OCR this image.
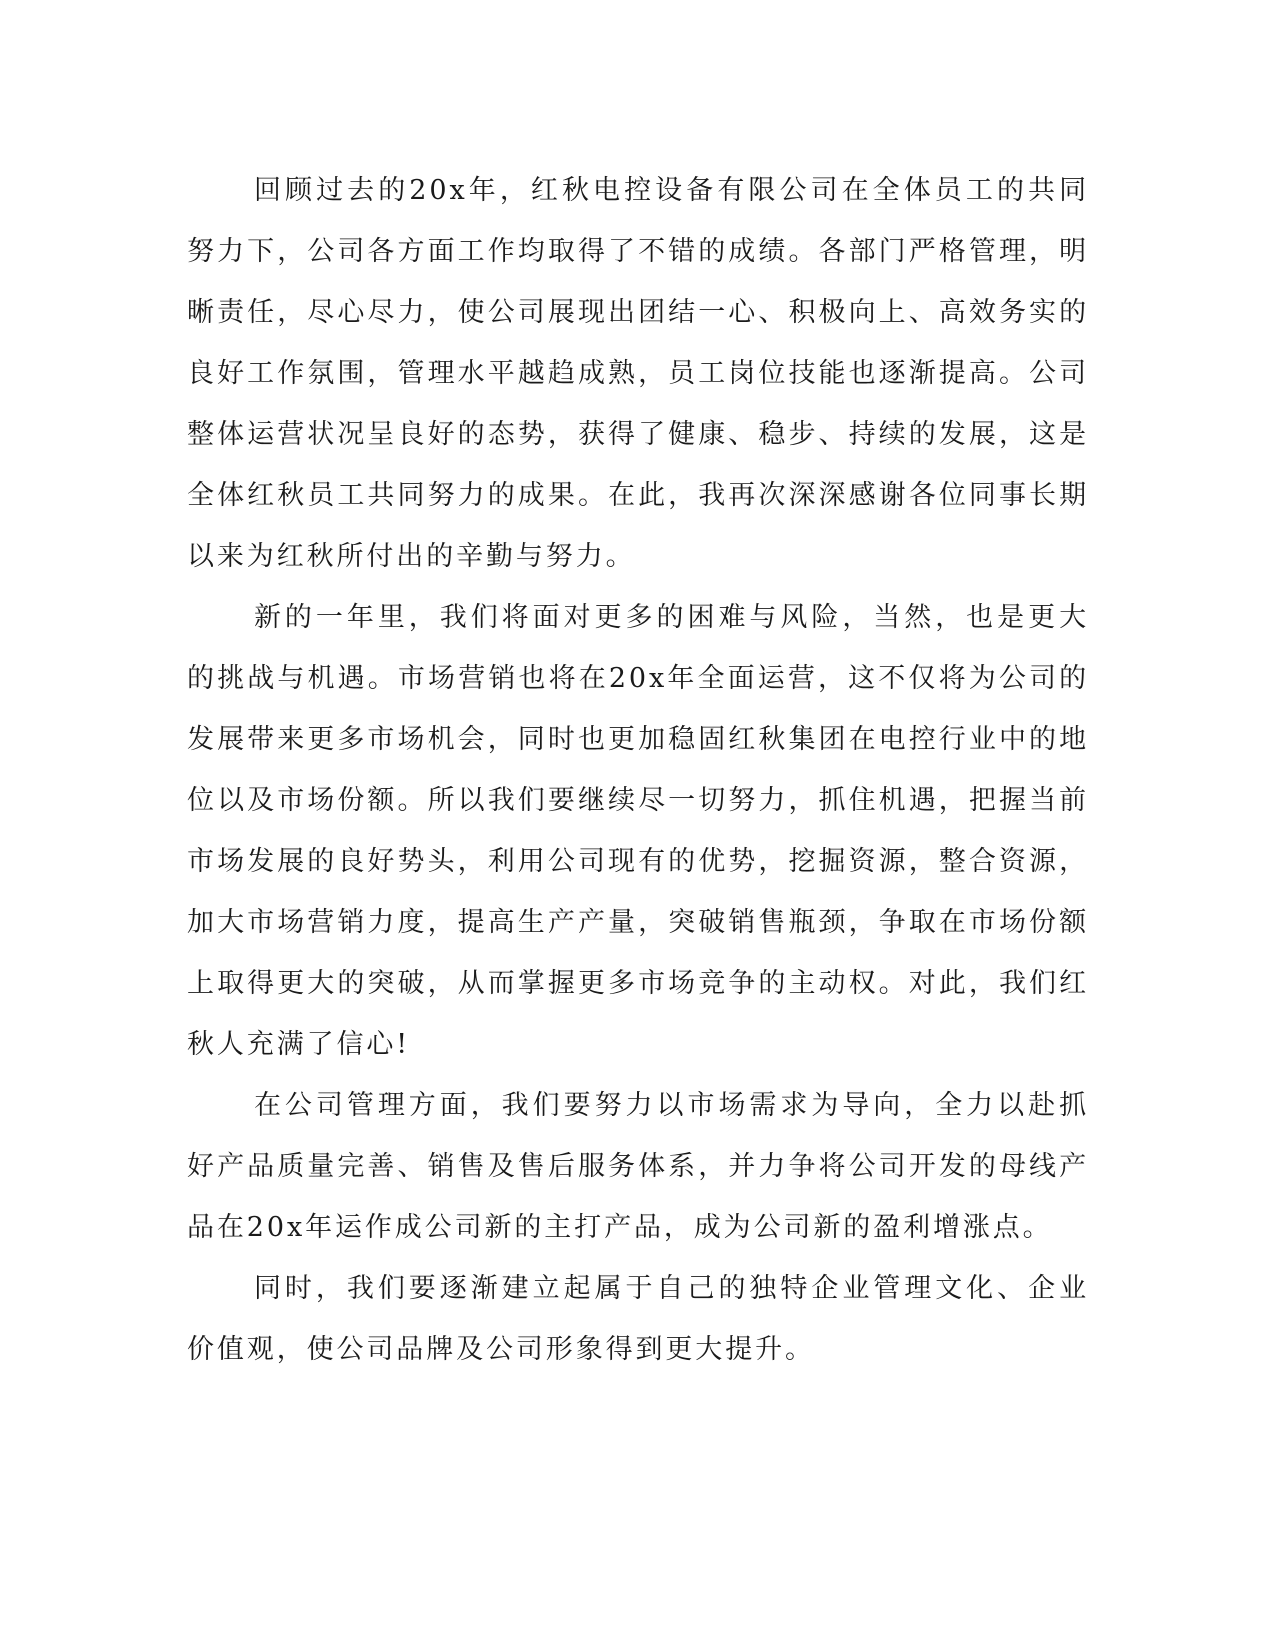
回顾过去的20x年，红秋电控设备有限公司在全体员工的共同努力下，公司各方面工作均取得了不错的成绩。各部门严格管理，明晰责任，尽心尽力，使公司展现出团结一心、积极向上、高效务实的良好工作氛围，管理水平越趋成熟，员工岗位技能也逐渐提高。公司整体运营状况呈良好的态势，获得了健康、稳步、持续的发展，这是全体红秋员工共同努力的成果。在此，我再次深深感谢各位同事长期以来为红秋所付出的辛勤与努力。

新的一年里，我们将面对更多的困难与风险，当然，也是更大的挑战与机遇。市场营销也将在20x年全面运营，这不仅将为公司的发展带来更多市场机会，同时也更加稳固红秋集团在电控行业中的地位以及市场份额。所以我们要继续尽一切努力，抓住机遇，把握当前市场发展的良好势头，利用公司现有的优势，挖掘资源，整合资源，加大市场营销力度，提高生产产量，突破销售瓶颈，争取在市场份额上取得更大的突破，从而掌握更多市场竞争的主动权。对此，我们红秋人充满了信心!

在公司管理方面，我们要努力以市场需求为导向，全力以赴抓好产品质量完善、销售及售后服务体系，并力争将公司开发的母线产品在20x年运作成公司新的主打产品，成为公司新的盈利增涨点。

同时，我们要逐渐建立起属于自己的独特企业管理文化、企业价值观，使公司品牌及公司形象得到更大提升。
